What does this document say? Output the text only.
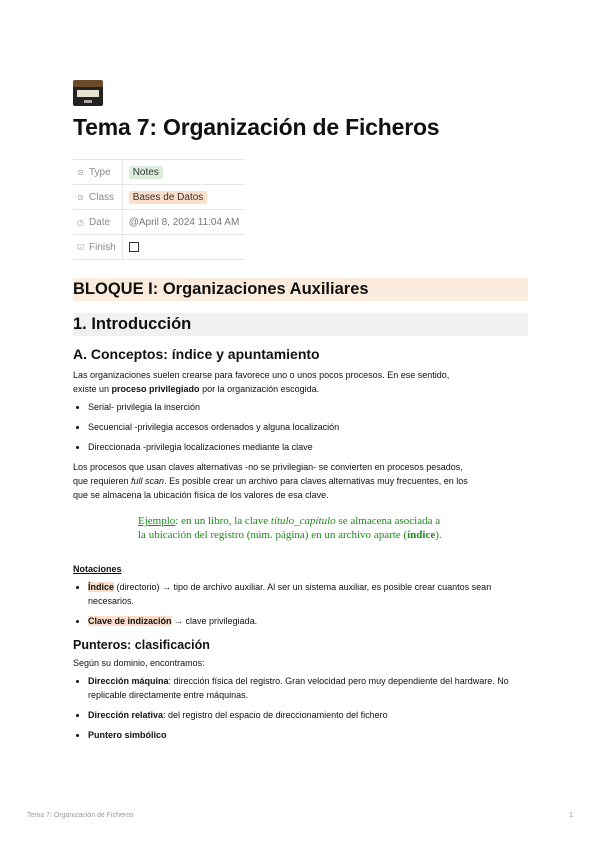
Tema 7: Organización de Ficheros
⊙ Type	Notes
⊙ Class	Bases de Datos
◷ Date	@April 8, 2024 11:04 AM
☑ Finish	
BLOQUE I: Organizaciones Auxiliares
1. Introducción
A. Conceptos: índice y apuntamiento

Las organizaciones suelen crearse para favorece uno o unos pocos procesos. En ese sentido,
existe un proceso privilegiado por la organización escogida.

• Serial- privilegia la inserción
• Secuencial -privilegia accesos ordenados y alguna localización
• Direccionada -privilegia localizaciones mediante la clave

Los procesos que usan claves alternativas -no se privilegian- se convierten en procesos pesados,
que requieren full scan. Es posible crear un archivo para claves alternativas muy frecuentes, en los
que se almacena la ubicación física de los valores de esa clave.

Ejemplo: en un libro, la clave título_capítulo se almacena asociada a
la ubicación del registro (núm. página) en un archivo aparte (índice).
Notaciones
• Índice (directorio) → tipo de archivo auxiliar. Al ser un sistema auxiliar, es posible crear cuantos sean necesarios.
• Clave de indización → clave privilegiada.
Punteros: clasificación

Según su dominio, encontramos:

• Dirección máquina: dirección física del registro. Gran velocidad pero muy dependiente del hardware. No replicable directamente entre máquinas.
• Dirección relativa: del registro del espacio de direccionamiento del fichero
• Puntero simbólico
Tema 7: Organización de Ficheros	1
